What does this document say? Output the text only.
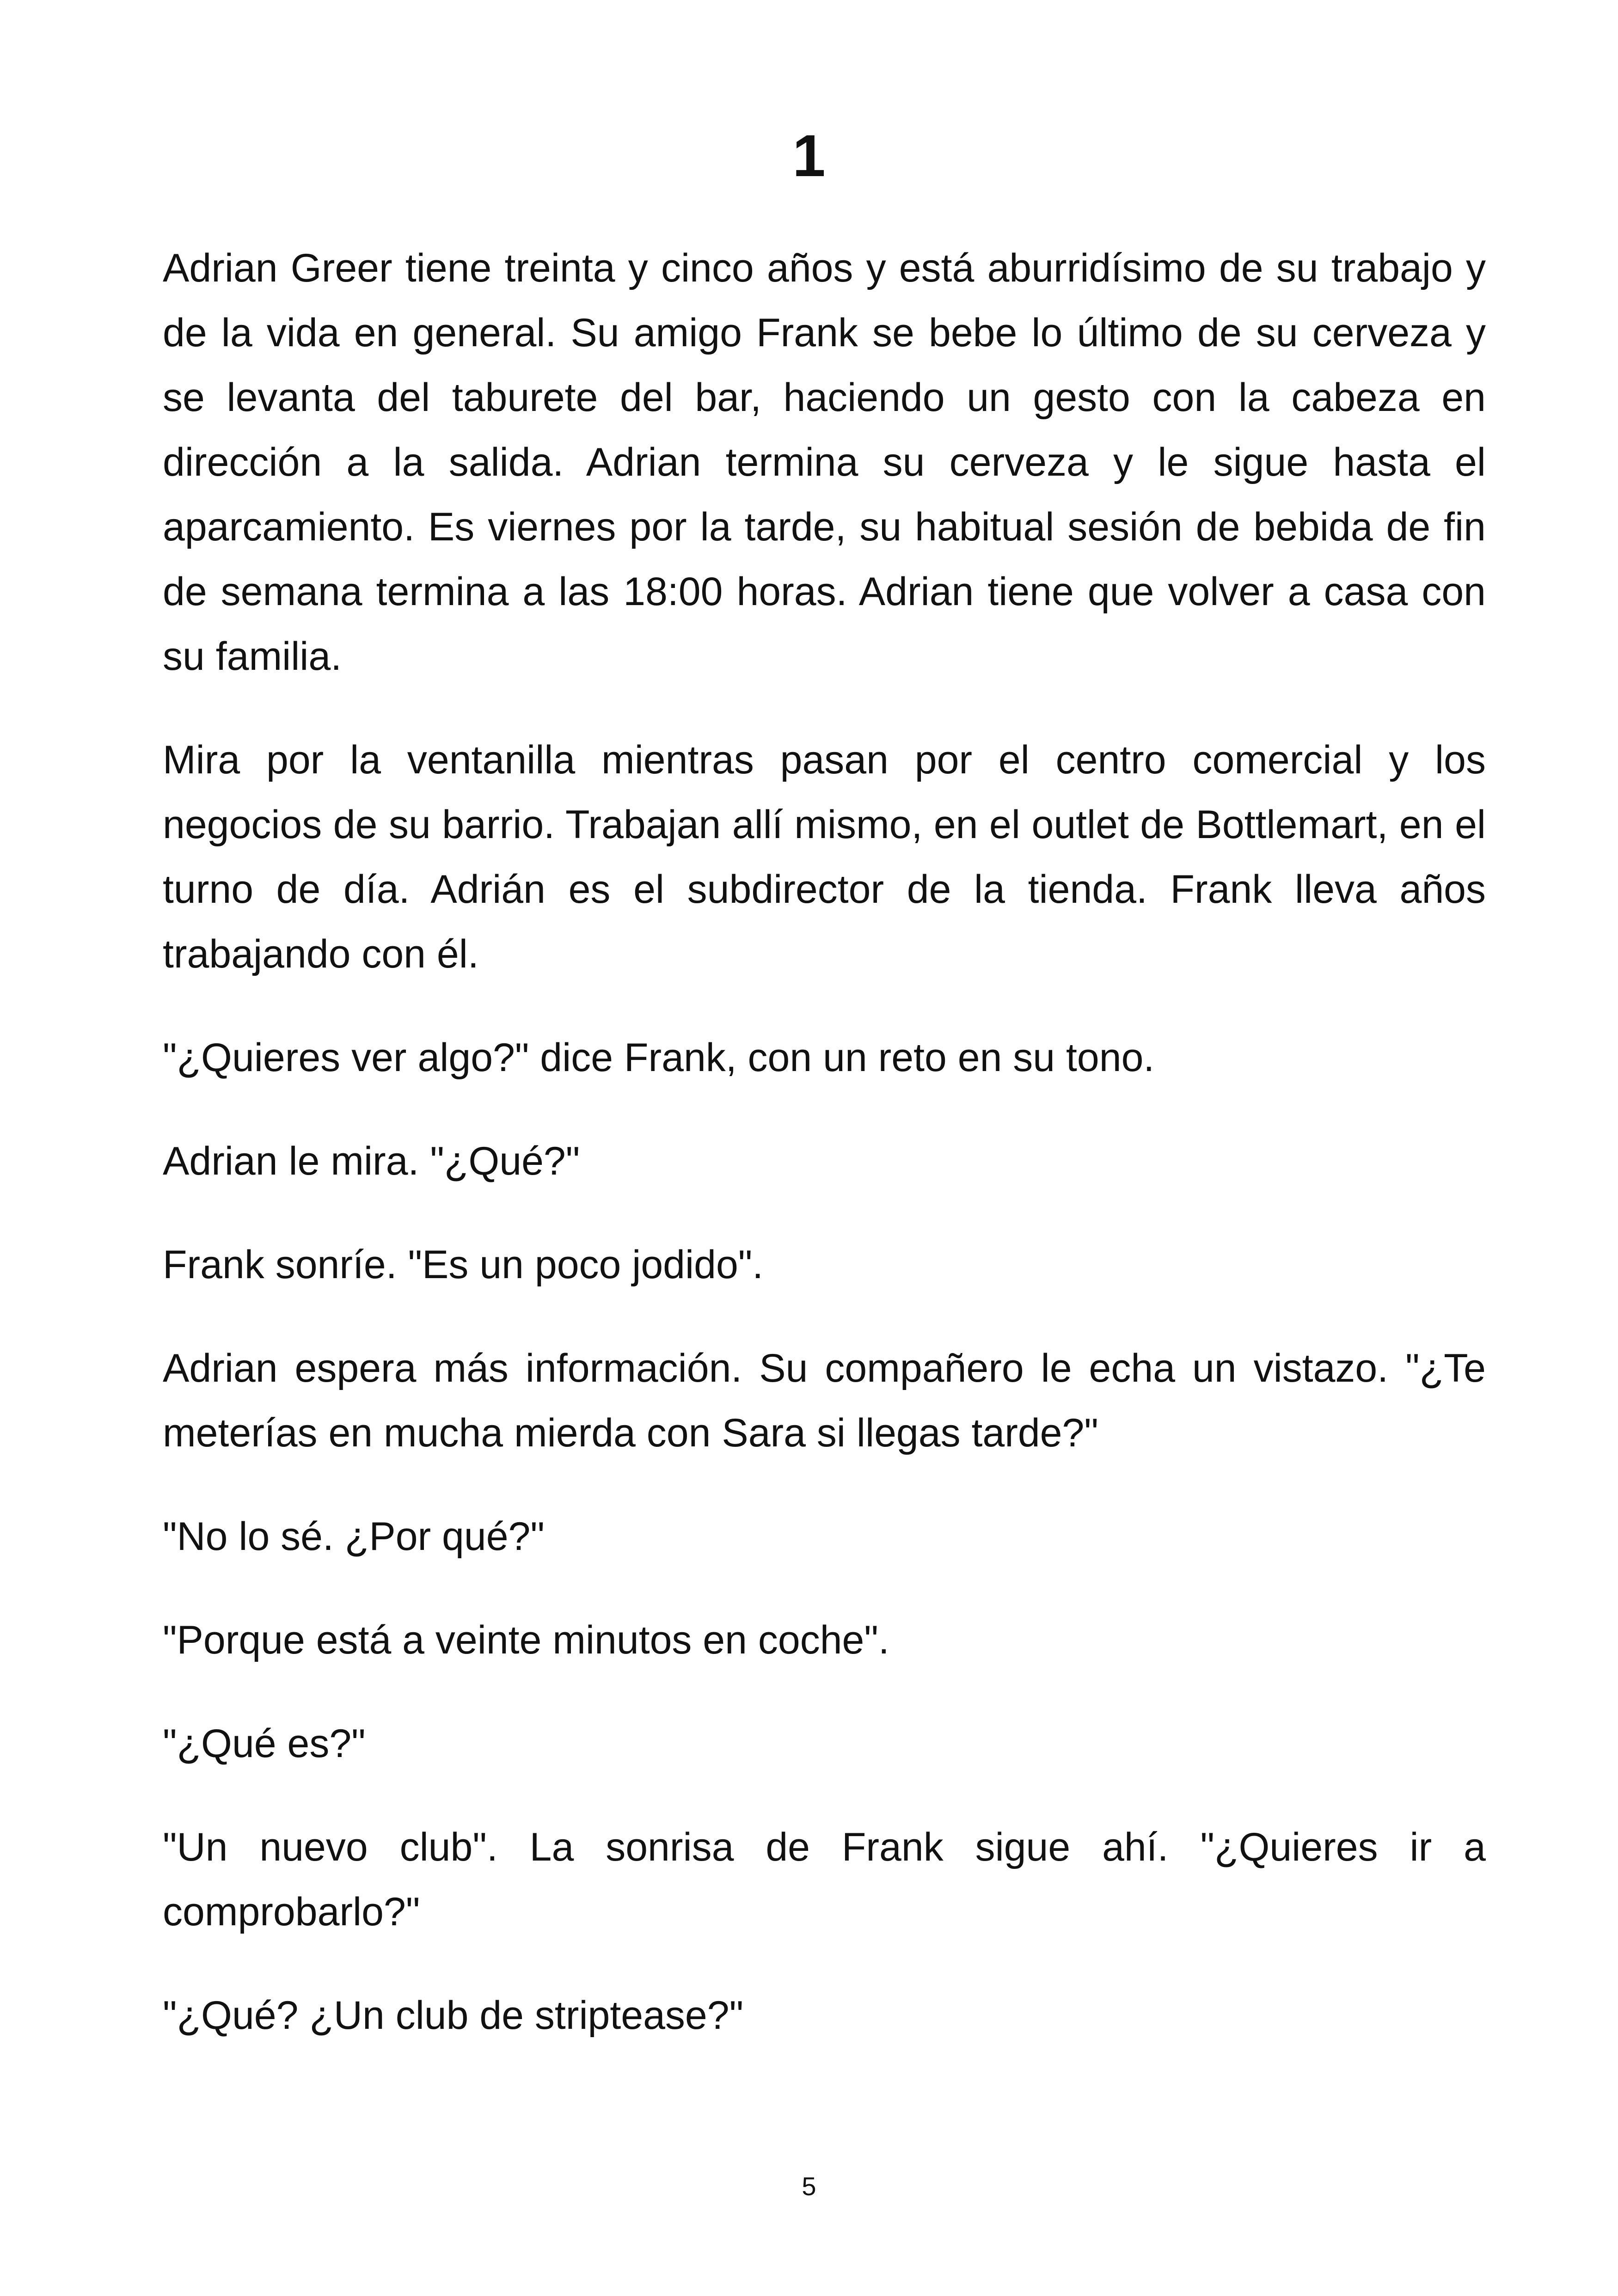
1

Adrian Greer tiene treinta y cinco años y está aburridísimo de su trabajo y de la vida en general. Su amigo Frank se bebe lo último de su cerveza y se levanta del taburete del bar, haciendo un gesto con la cabeza en dirección a la salida. Adrian termina su cerveza y le sigue hasta el aparcamiento. Es viernes por la tarde, su habitual sesión de bebida de fin de semana termina a las 18:00 horas. Adrian tiene que volver a casa con su familia.

Mira por la ventanilla mientras pasan por el centro comercial y los negocios de su barrio. Trabajan allí mismo, en el outlet de Bottlemart, en el turno de día. Adrián es el subdirector de la tienda. Frank lleva años trabajando con él.

"¿Quieres ver algo?" dice Frank, con un reto en su tono.

Adrian le mira. "¿Qué?"

Frank sonríe. "Es un poco jodido".

Adrian espera más información. Su compañero le echa un vistazo. "¿Te meterías en mucha mierda con Sara si llegas tarde?"

"No lo sé. ¿Por qué?"

"Porque está a veinte minutos en coche".

"¿Qué es?"

"Un nuevo club". La sonrisa de Frank sigue ahí. "¿Quieres ir a comprobarlo?"

"¿Qué? ¿Un club de striptease?"

5
